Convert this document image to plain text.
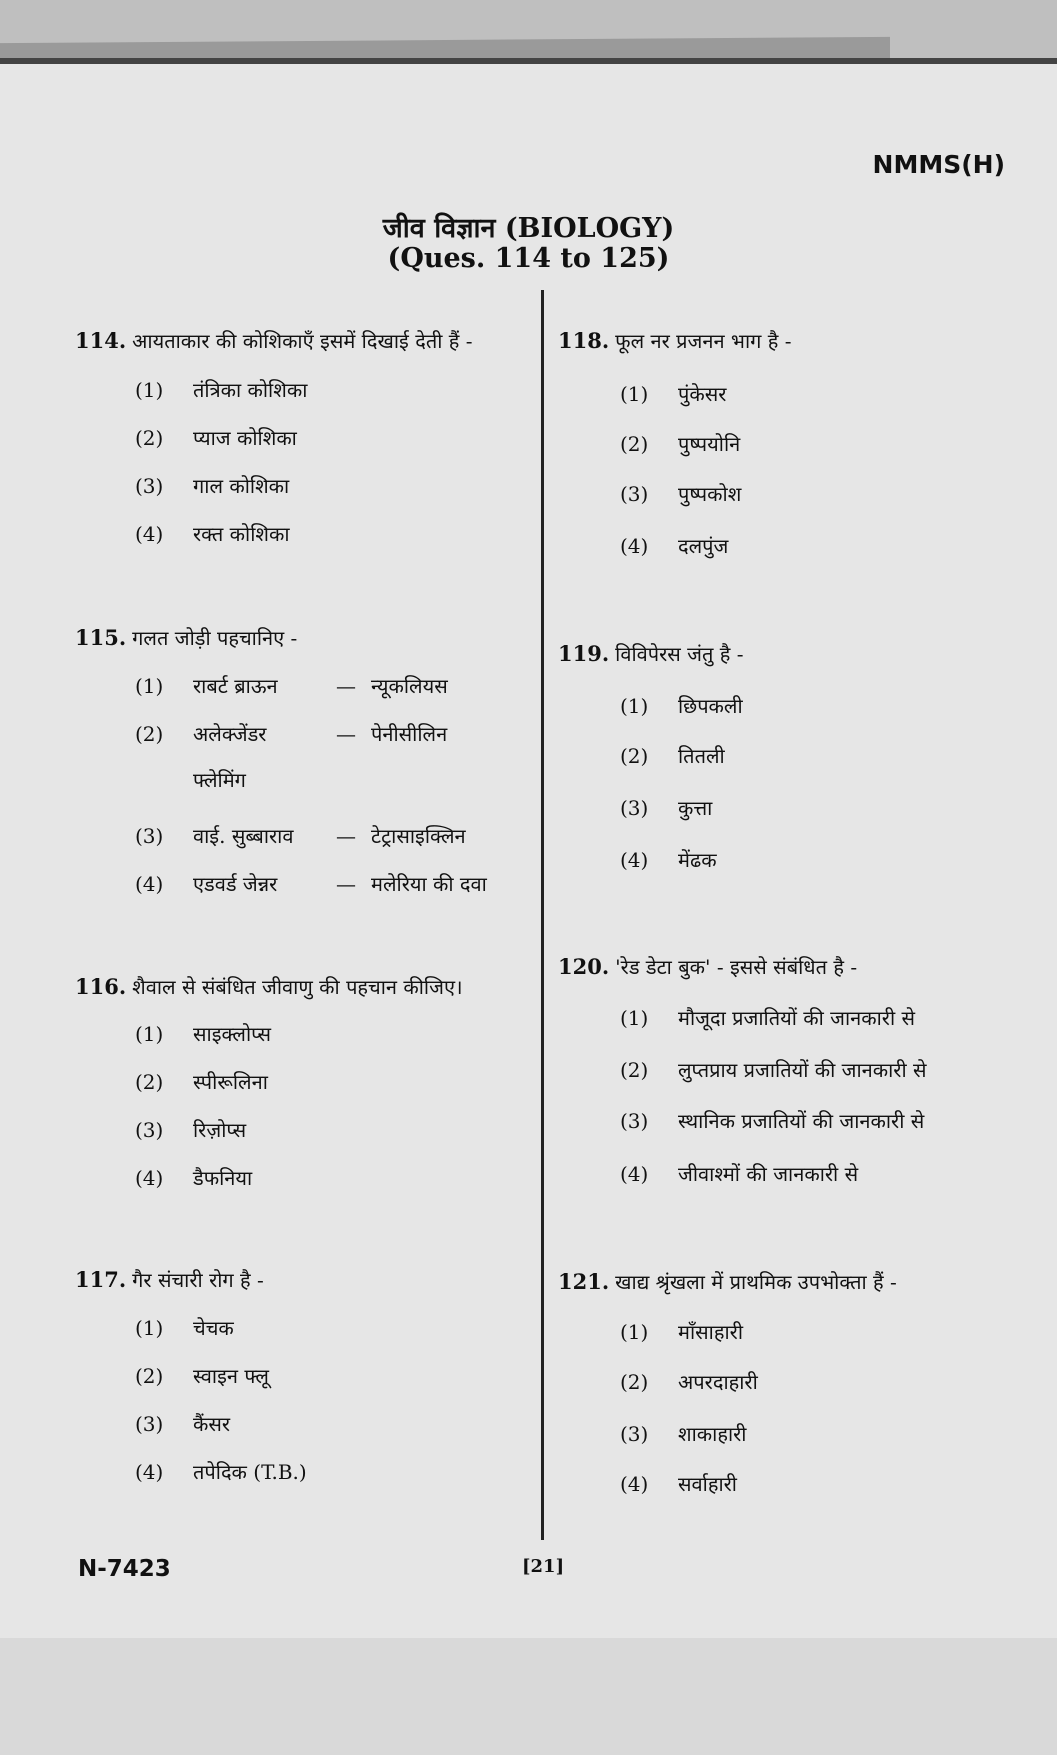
NMMS(H)
जीव विज्ञान (BIOLOGY)
(Ques. 114 to 125)
114. आयताकार की कोशिकाएँ इसमें दिखाई देती हैं -
(1) तंत्रिका कोशिका
(2) प्याज कोशिका
(3) गाल कोशिका
(4) रक्त कोशिका
115. गलत जोड़ी पहचानिए -
(1) राबर्ट ब्राऊन	— न्यूकलियस
(2) अलेक्जेंडर	— पेनीसीलिन
फ्लेमिंग
(3) वाई. सुब्बाराव — टेट्रासाइक्लिन
(4) एडवर्ड जेन्नर	— मलेरिया की दवा
116. शैवाल से संबंधित जीवाणु की पहचान कीजिए।
(1) साइक्लोप्स
(2) स्पीरूलिना
(3) रिज़ोप्स
(4) डैफनिया
117. गैर संचारी रोग है -
(1) चेचक
(2) स्वाइन फ्लू
(3) कैंसर
(4) तपेदिक (T.B.)
118. फूल नर प्रजनन भाग है -
(1) पुंकेसर
(2) पुष्पयोनि
(3) पुष्पकोश
(4) दलपुंज
119. विविपेरस जंतु है -
(1) छिपकली
(2) तितली
(3) कुत्ता
(4) मेंढक
120. 'रेड डेटा बुक' - इससे संबंधित है -
(1) मौजूदा प्रजातियों की जानकारी से
(2) लुप्तप्राय प्रजातियों की जानकारी से
(3) स्थानिक प्रजातियों की जानकारी से
(4) जीवाश्मों की जानकारी से
121. खाद्य श्रृंखला में प्राथमिक उपभोक्ता हैं -
(1) माँसाहारी
(2) अपरदाहारी
(3) शाकाहारी
(4) सर्वाहारी
N-7423	[21]
